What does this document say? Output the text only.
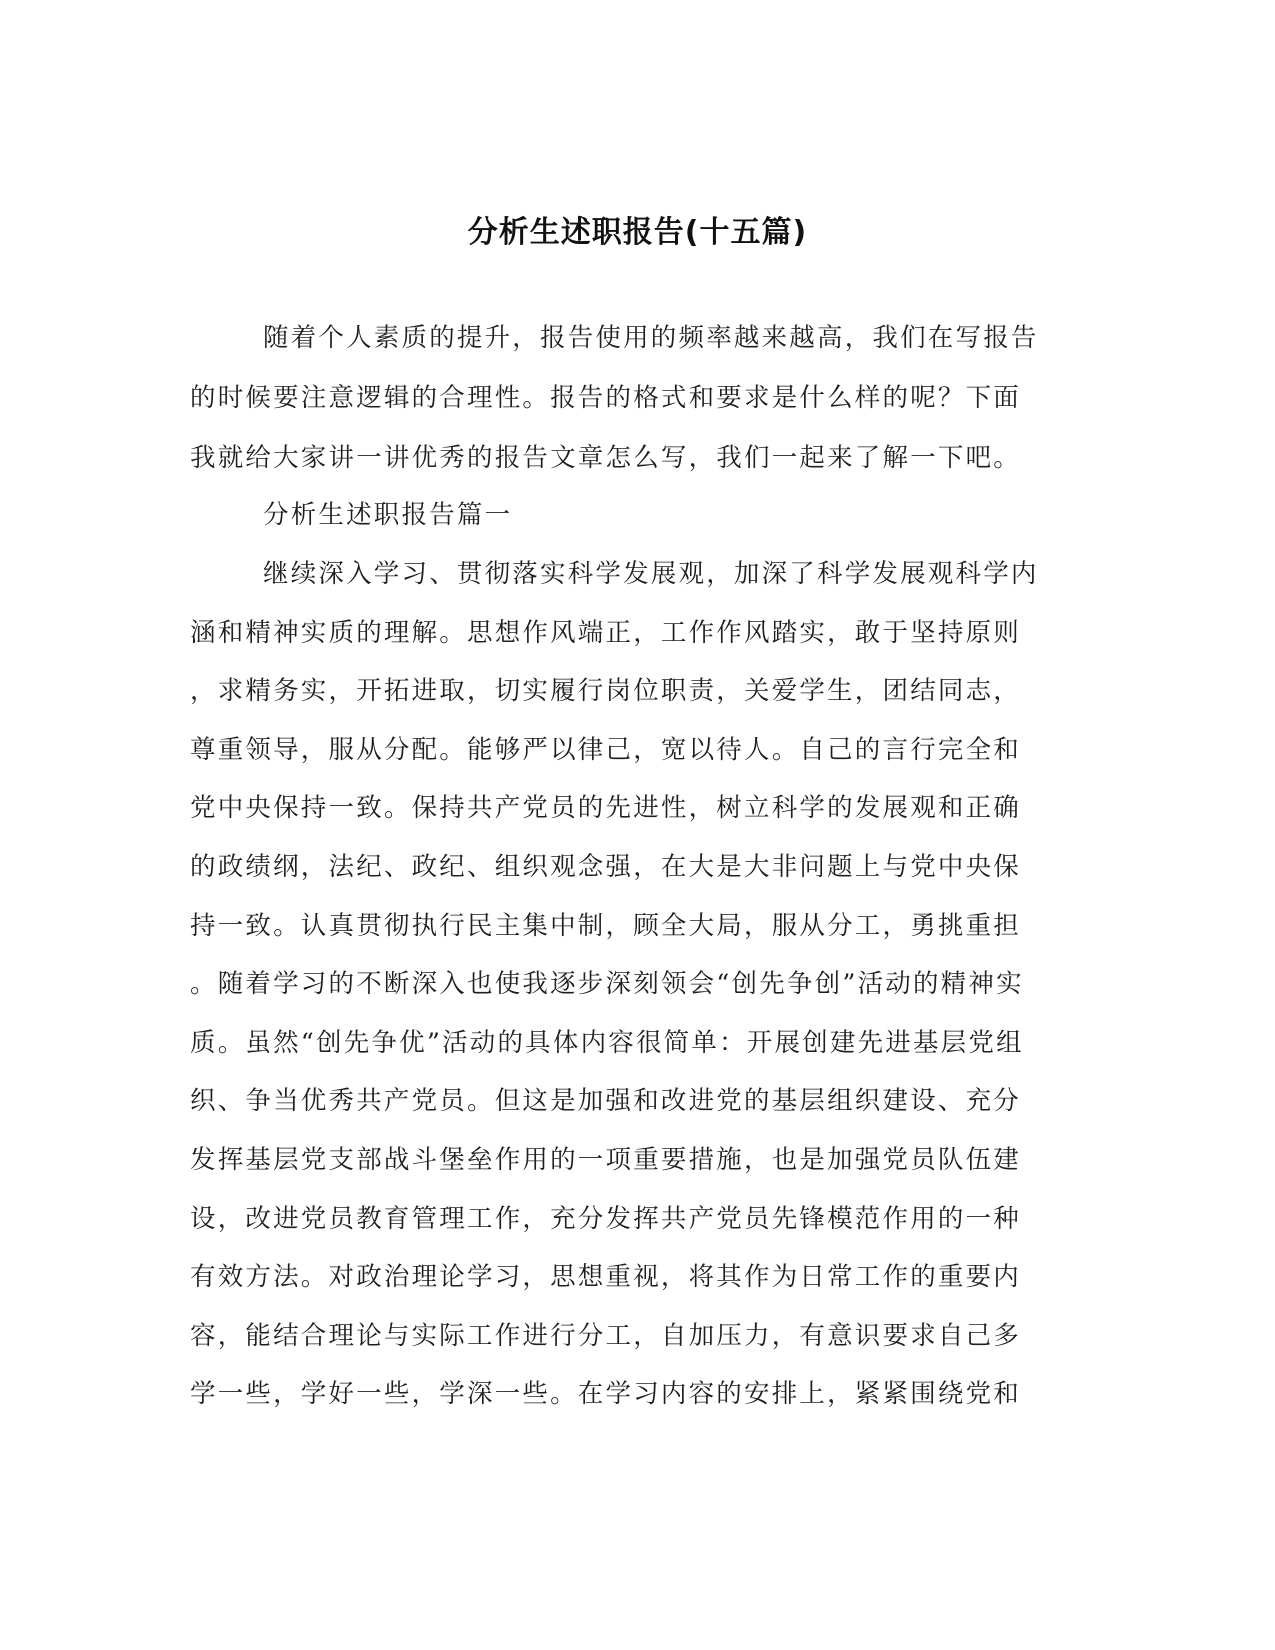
分析生述职报告(十五篇)
随着个人素质的提升，报告使用的频率越来越高，我们在写报告
的时候要注意逻辑的合理性。报告的格式和要求是什么样的呢？下面
我就给大家讲一讲优秀的报告文章怎么写，我们一起来了解一下吧。
分析生述职报告篇一
继续深入学习、贯彻落实科学发展观，加深了科学发展观科学内
涵和精神实质的理解。思想作风端正，工作作风踏实，敢于坚持原则
，求精务实，开拓进取，切实履行岗位职责，关爱学生，团结同志，
尊重领导，服从分配。能够严以律己，宽以待人。自己的言行完全和
党中央保持一致。保持共产党员的先进性，树立科学的发展观和正确
的政绩纲，法纪、政纪、组织观念强，在大是大非问题上与党中央保
持一致。认真贯彻执行民主集中制，顾全大局，服从分工，勇挑重担
。随着学习的不断深入也使我逐步深刻领会“创先争创”活动的精神实
质。虽然“创先争优”活动的具体内容很简单：开展创建先进基层党组
织、争当优秀共产党员。但这是加强和改进党的基层组织建设、充分
发挥基层党支部战斗堡垒作用的一项重要措施，也是加强党员队伍建
设，改进党员教育管理工作，充分发挥共产党员先锋模范作用的一种
有效方法。对政治理论学习，思想重视，将其作为日常工作的重要内
容，能结合理论与实际工作进行分工，自加压力，有意识要求自己多
学一些，学好一些，学深一些。在学习内容的安排上，紧紧围绕党和
